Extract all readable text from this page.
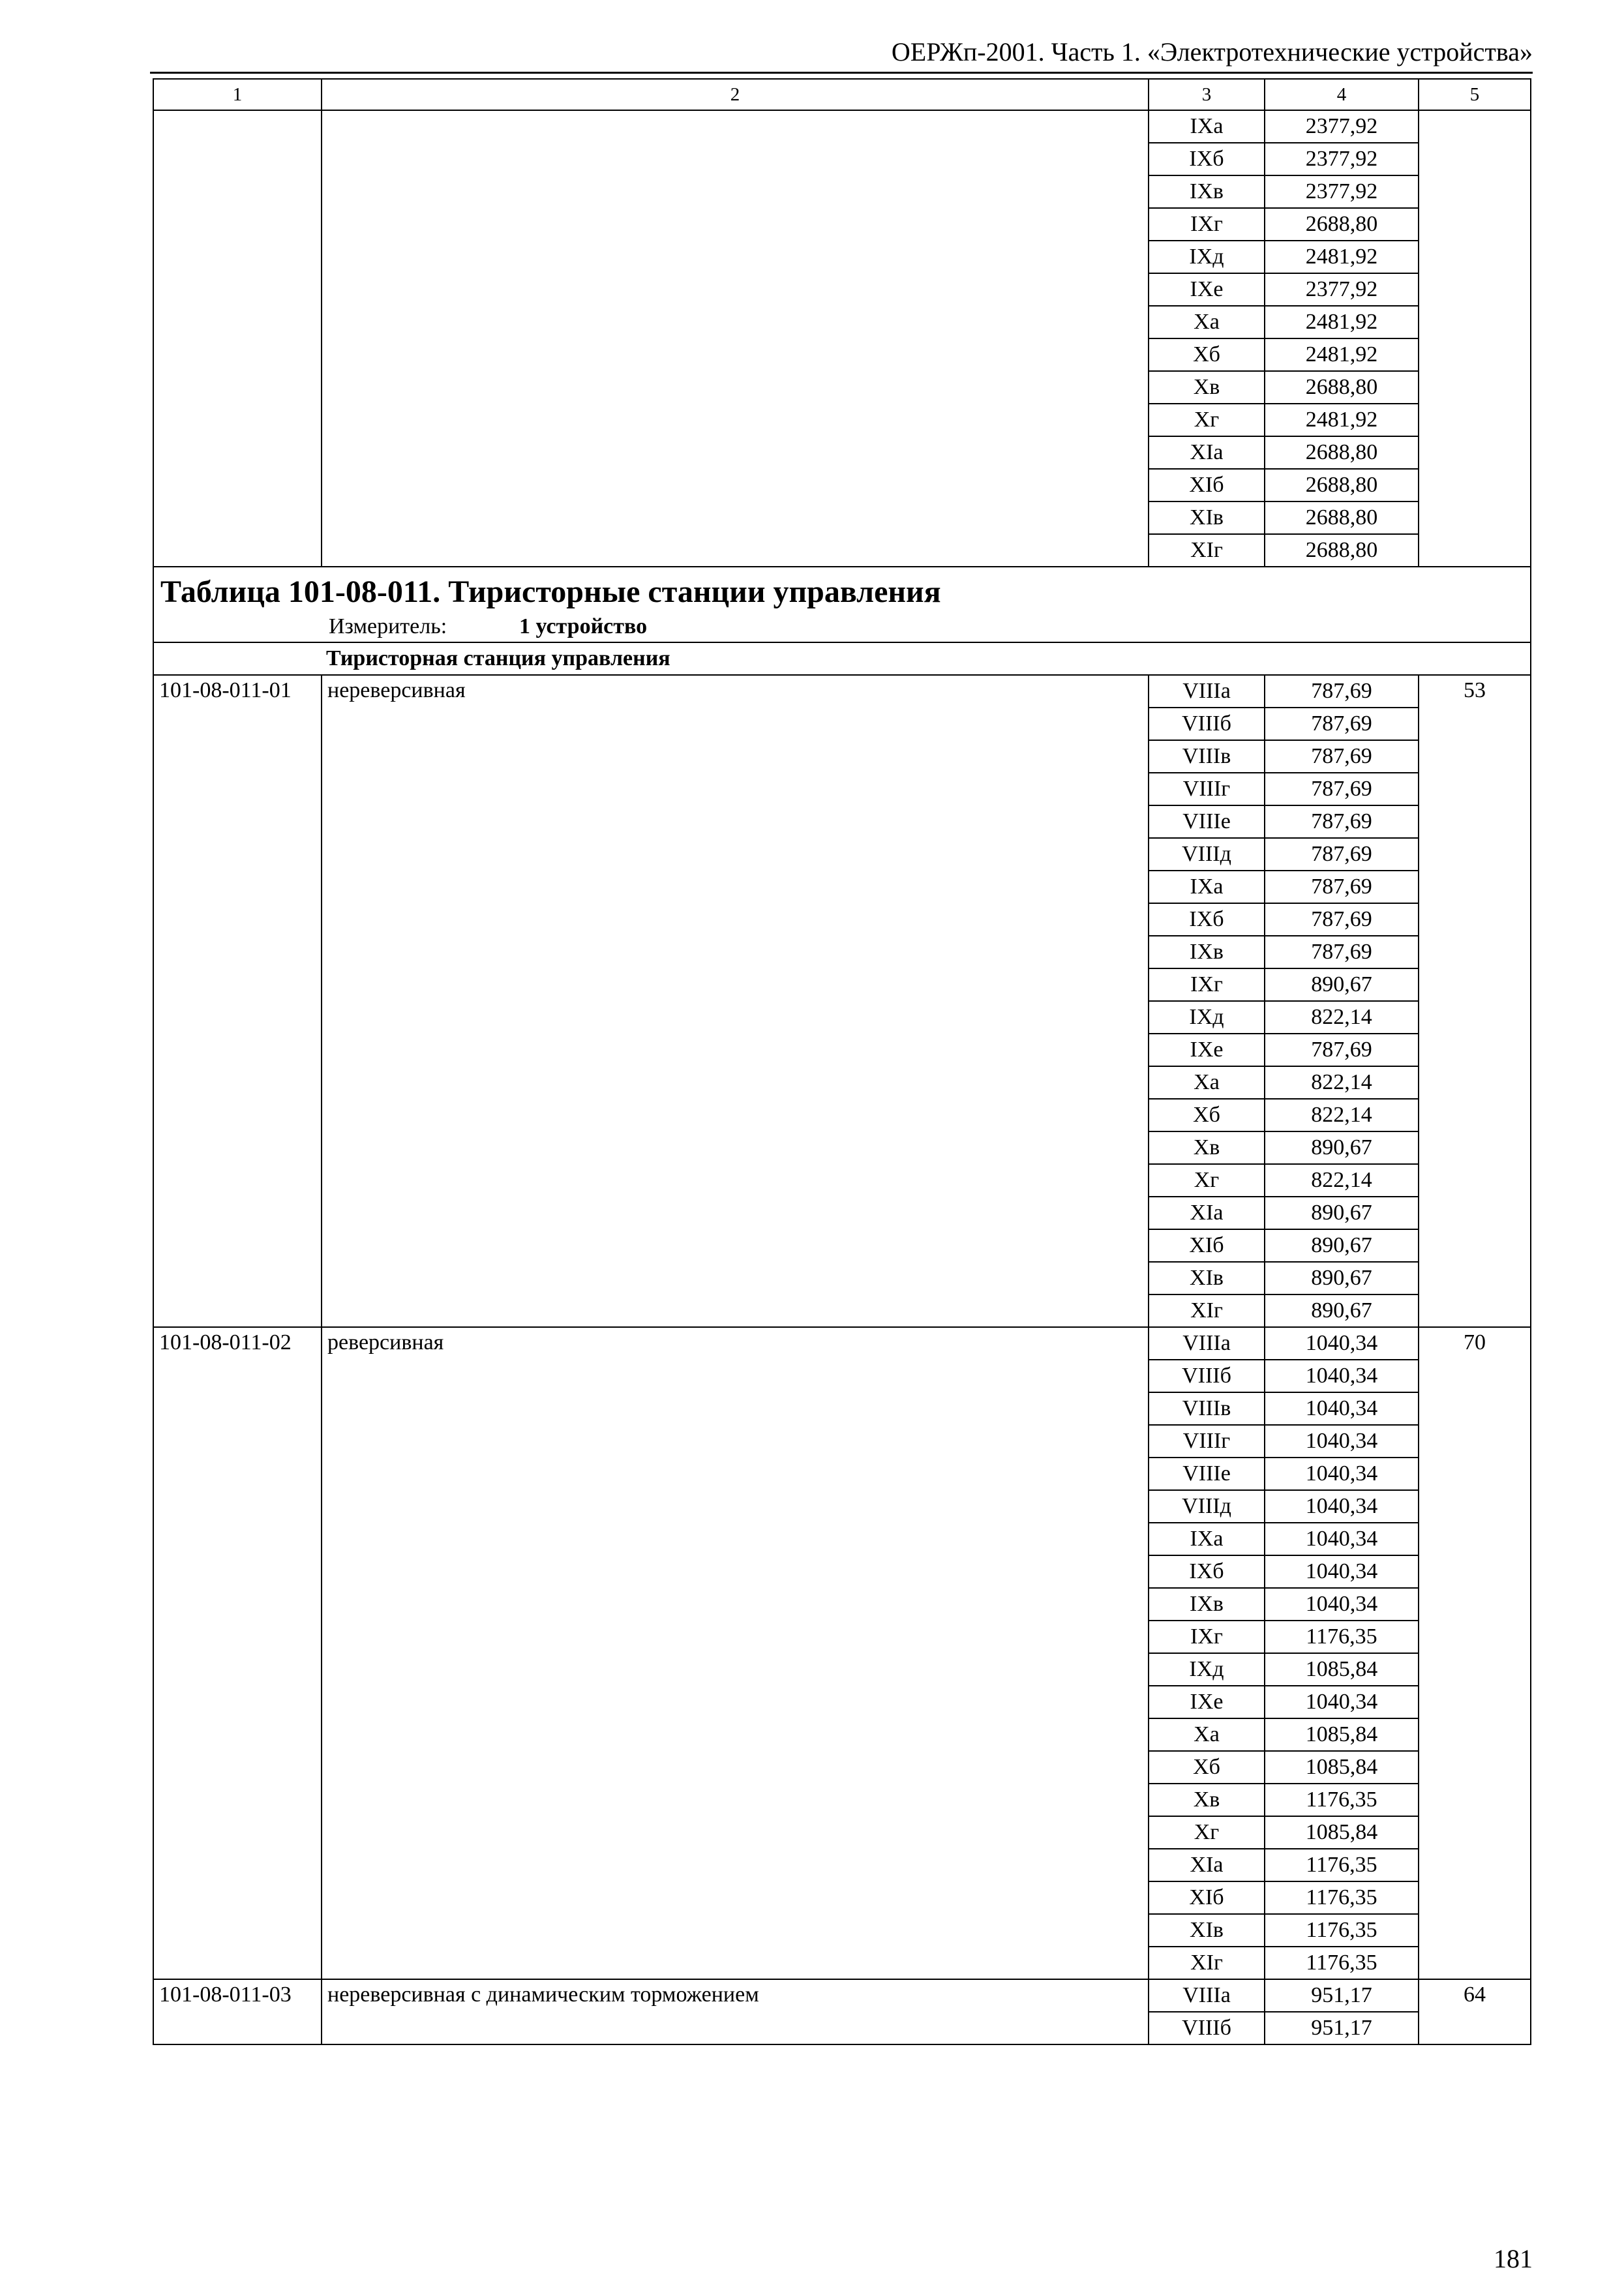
ОЕРЖп-2001. Часть 1. «Электротехнические устройства»
1	2	3	4	5
		IXа	2377,92	
		IXб	2377,92	
		IXв	2377,92	
		IXг	2688,80	
		IXд	2481,92	
		IXе	2377,92	
		Xа	2481,92	
		Xб	2481,92	
		Xв	2688,80	
		Xг	2481,92	
		XIа	2688,80	
		XIб	2688,80	
		XIв	2688,80	
		XIг	2688,80	
Таблица 101-08-011. Тиристорные станции управления				
Измеритель: 1 устройство				
Тиристорная станция управления				
101-08-011-01	нереверсивная	VIIIа	787,69	53
		VIIIб	787,69	
		VIIIв	787,69	
		VIIIг	787,69	
		VIIIе	787,69	
		VIIIд	787,69	
		IXа	787,69	
		IXб	787,69	
		IXв	787,69	
		IXг	890,67	
		IXд	822,14	
		IXе	787,69	
		Xа	822,14	
		Xб	822,14	
		Xв	890,67	
		Xг	822,14	
		XIа	890,67	
		XIб	890,67	
		XIв	890,67	
		XIг	890,67	
101-08-011-02	реверсивная	VIIIа	1040,34	70
		VIIIб	1040,34	
		VIIIв	1040,34	
		VIIIг	1040,34	
		VIIIе	1040,34	
		VIIIд	1040,34	
		IXа	1040,34	
		IXб	1040,34	
		IXв	1040,34	
		IXг	1176,35	
		IXд	1085,84	
		IXе	1040,34	
		Xа	1085,84	
		Xб	1085,84	
		Xв	1176,35	
		Xг	1085,84	
		XIа	1176,35	
		XIб	1176,35	
		XIв	1176,35	
		XIг	1176,35	
101-08-011-03	нереверсивная с динамическим торможением	VIIIа	951,17	64
		VIIIб	951,17	
181
